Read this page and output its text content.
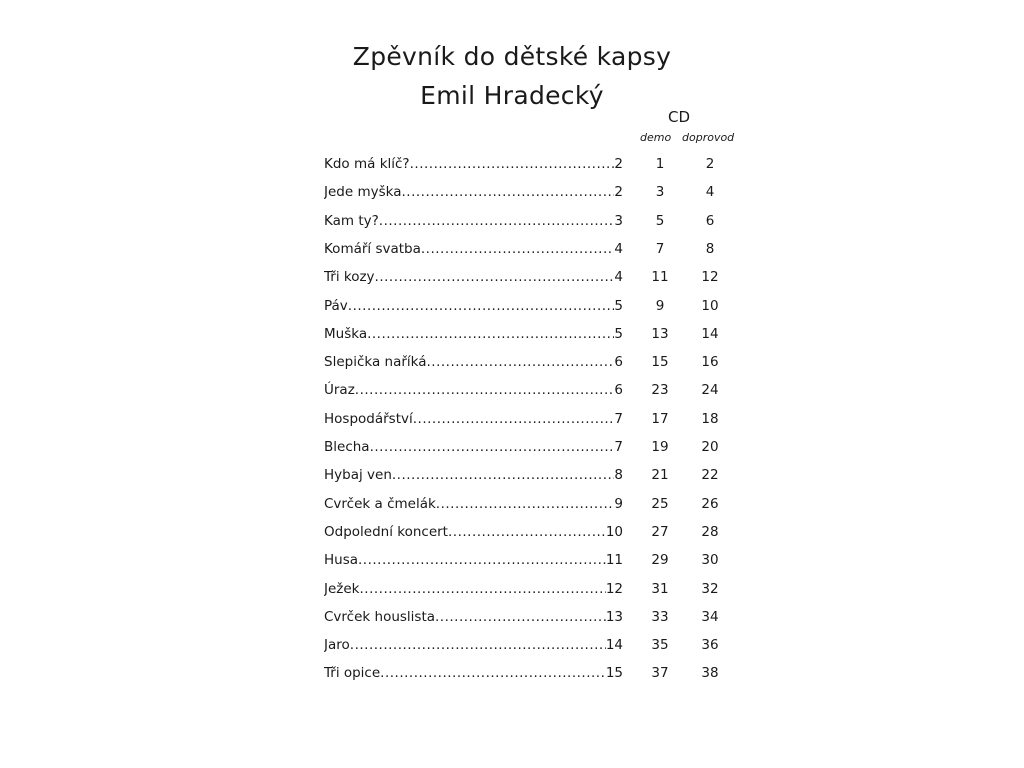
Zpěvník do dětské kapsy
Emil Hradecký
CD
demo doprovod
Kdo má klíč? .....	2	1	2
Jede myška .....	2	3	4
Kam ty? .....	3	5	6
Komáří svatba .....	4	7	8
Tři kozy .....	4	11	12
Páv .....	5	9	10
Muška .....	5	13	14
Slepička naříká .....	6	15	16
Úraz .....	6	23	24
Hospodářství .....	7	17	18
Blecha .....	7	19	20
Hybaj ven .....	8	21	22
Cvrček a čmelák .....	9	25	26
Odpolední koncert .....	10	27	28
Husa .....	11	29	30
Ježek .....	12	31	32
Cvrček houslista .....	13	33	34
Jaro .....	14	35	36
Tři opice .....	15	37	38
